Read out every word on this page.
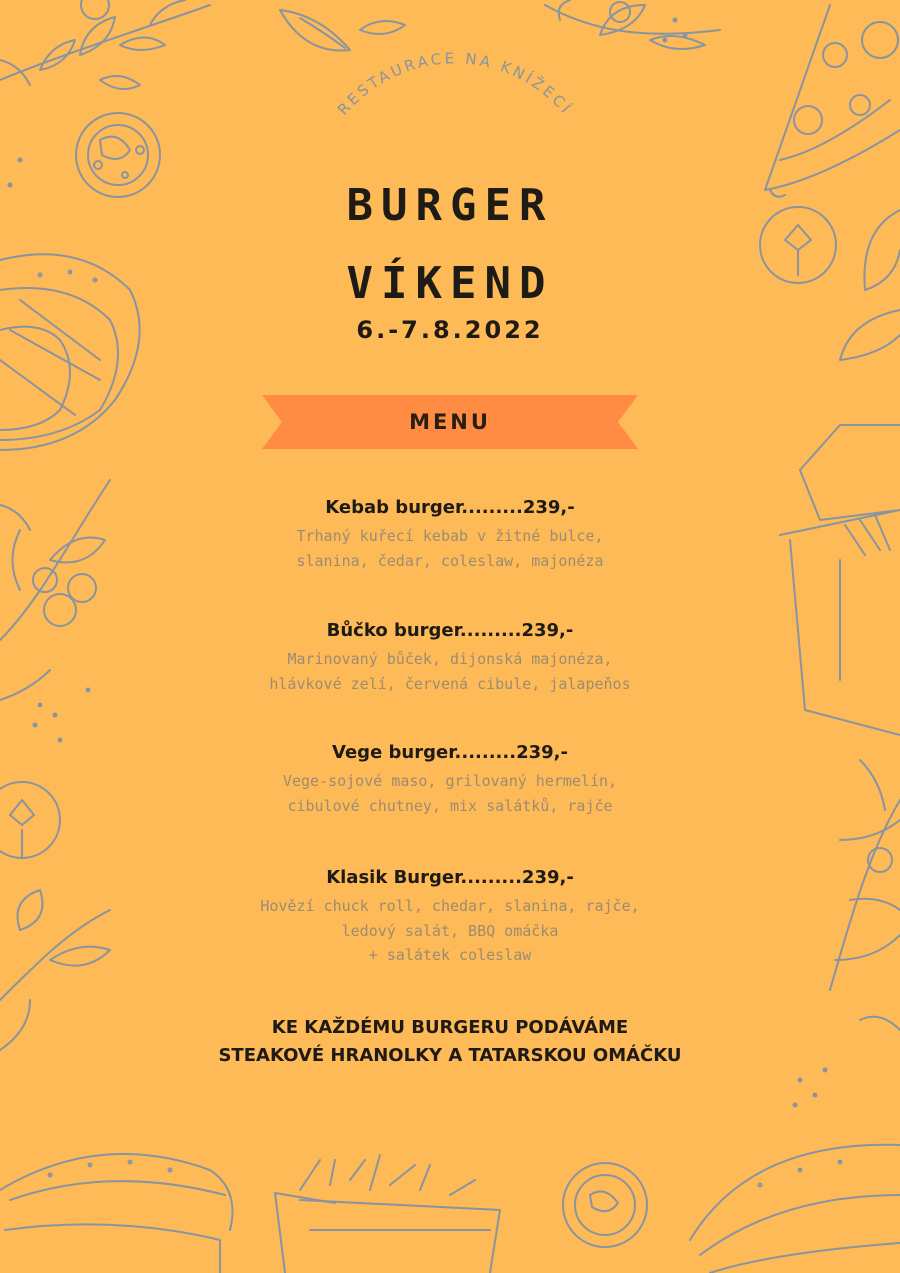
RESTAURACE NA KNÍŽECÍ
BURGER
VÍKEND
6.-7.8.2022
MENU
Kebab burger.........239,-
Trhaný kuřecí kebab v žitné bulce,
slanina, čedar, coleslaw, majonéza
Bůčko burger.........239,-
Marinovaný bůček, dijonská majonéza,
hlávkové zelí, červená cibule, jalapeňos
Vege burger.........239,-
Vege-sojové maso, grilovaný hermelín,
cibulové chutney, mix salátků, rajče
Klasik Burger.........239,-
Hovězí chuck roll, chedar, slanina, rajče,
ledový salát, BBQ omáčka
+ salátek coleslaw
KE KAŽDÉMU BURGERU PODÁVÁME
STEAKOVÉ HRANOLKY A TATARSKOU OMÁČKU
